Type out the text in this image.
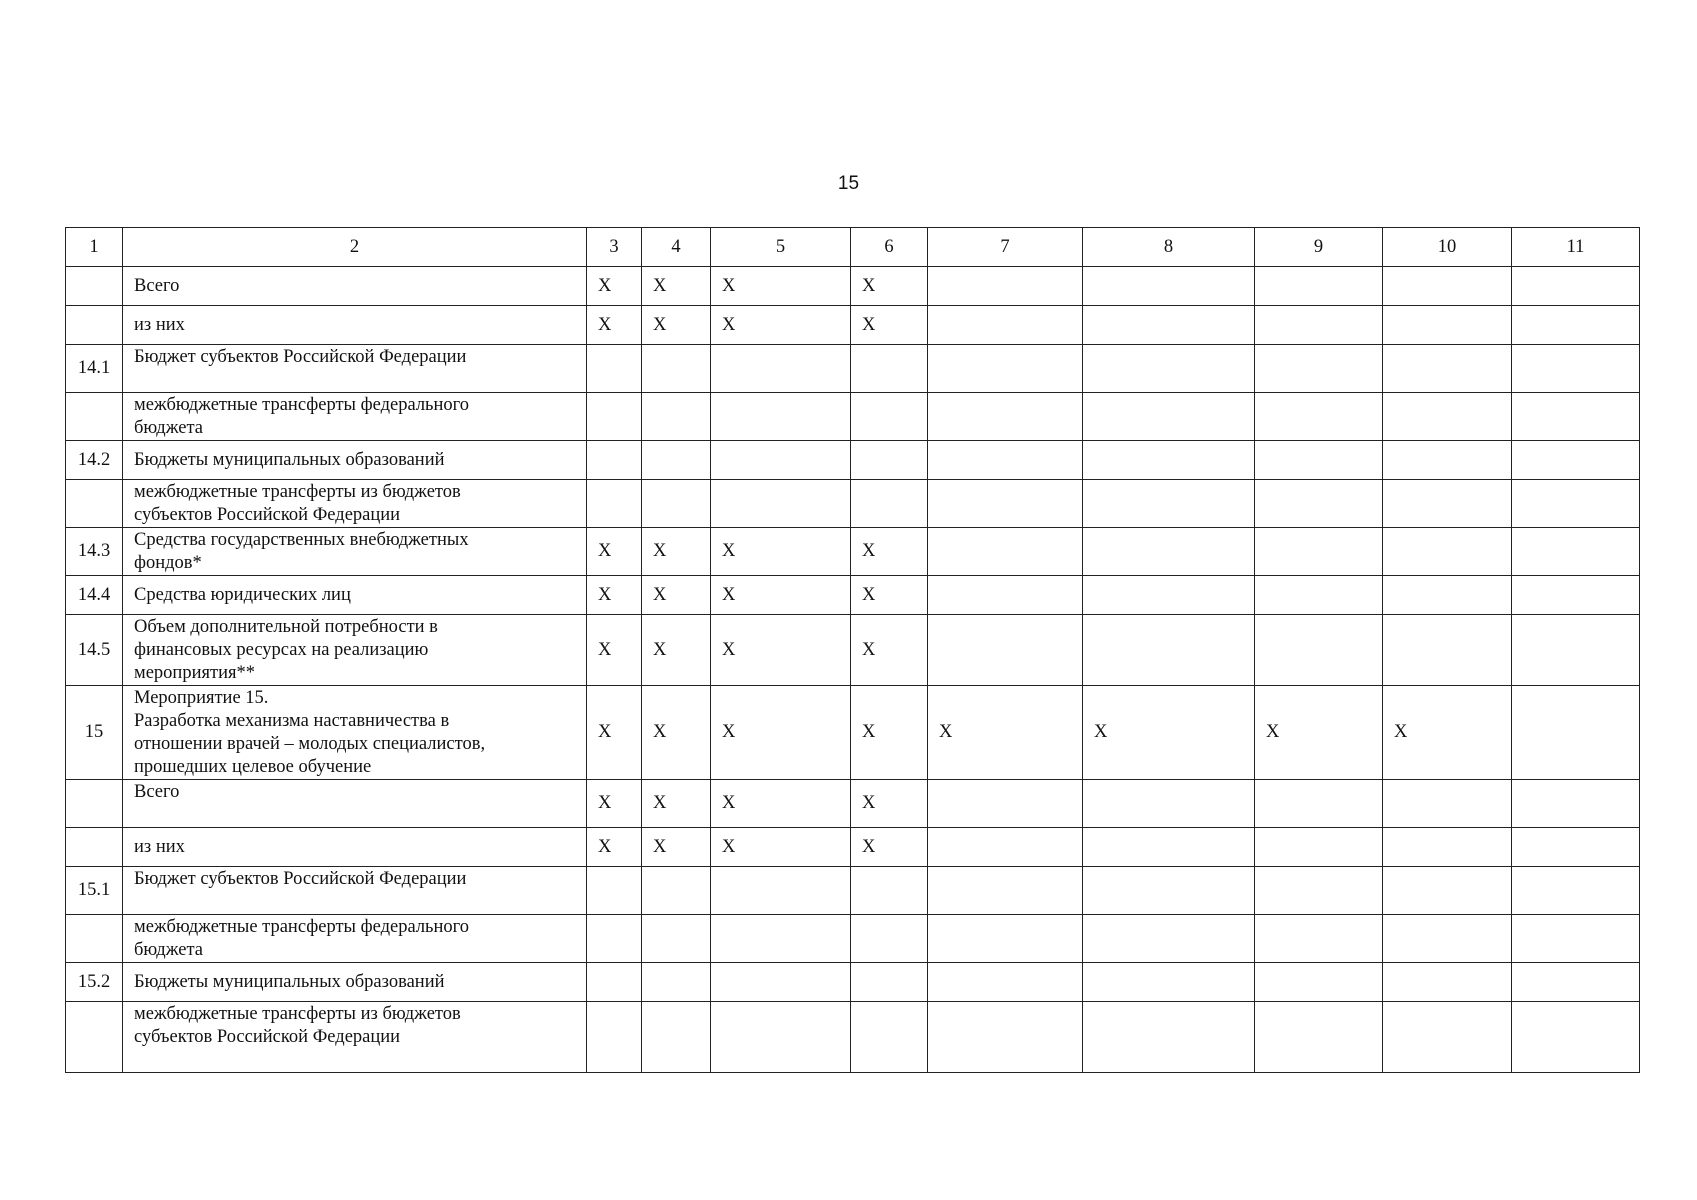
15
1	2	3	4	5	6	7	8	9	10	11
	Всего	X	X	X	X					
	из них	X	X	X	X					
14.1	Бюджет субъектов Российской Федерации									
	межбюджетные трансферты федерального
бюджета									
14.2	Бюджеты муниципальных образований									
	межбюджетные трансферты из бюджетов
субъектов Российской Федерации									
14.3	Средства государственных внебюджетных
фондов*	X	X	X	X					
14.4	Средства юридических лиц	X	X	X	X					
14.5	Объем дополнительной потребности в
финансовых ресурсах на реализацию
мероприятия**	X	X	X	X					
15	Мероприятие 15.
Разработка механизма наставничества в
отношении врачей – молодых специалистов,
прошедших целевое обучение	X	X	X	X	X	X	X	X	
	Всего	X	X	X	X					
	из них	X	X	X	X					
15.1	Бюджет субъектов Российской Федерации									
	межбюджетные трансферты федерального
бюджета									
15.2	Бюджеты муниципальных образований									
	межбюджетные трансферты из бюджетов
субъектов Российской Федерации									
